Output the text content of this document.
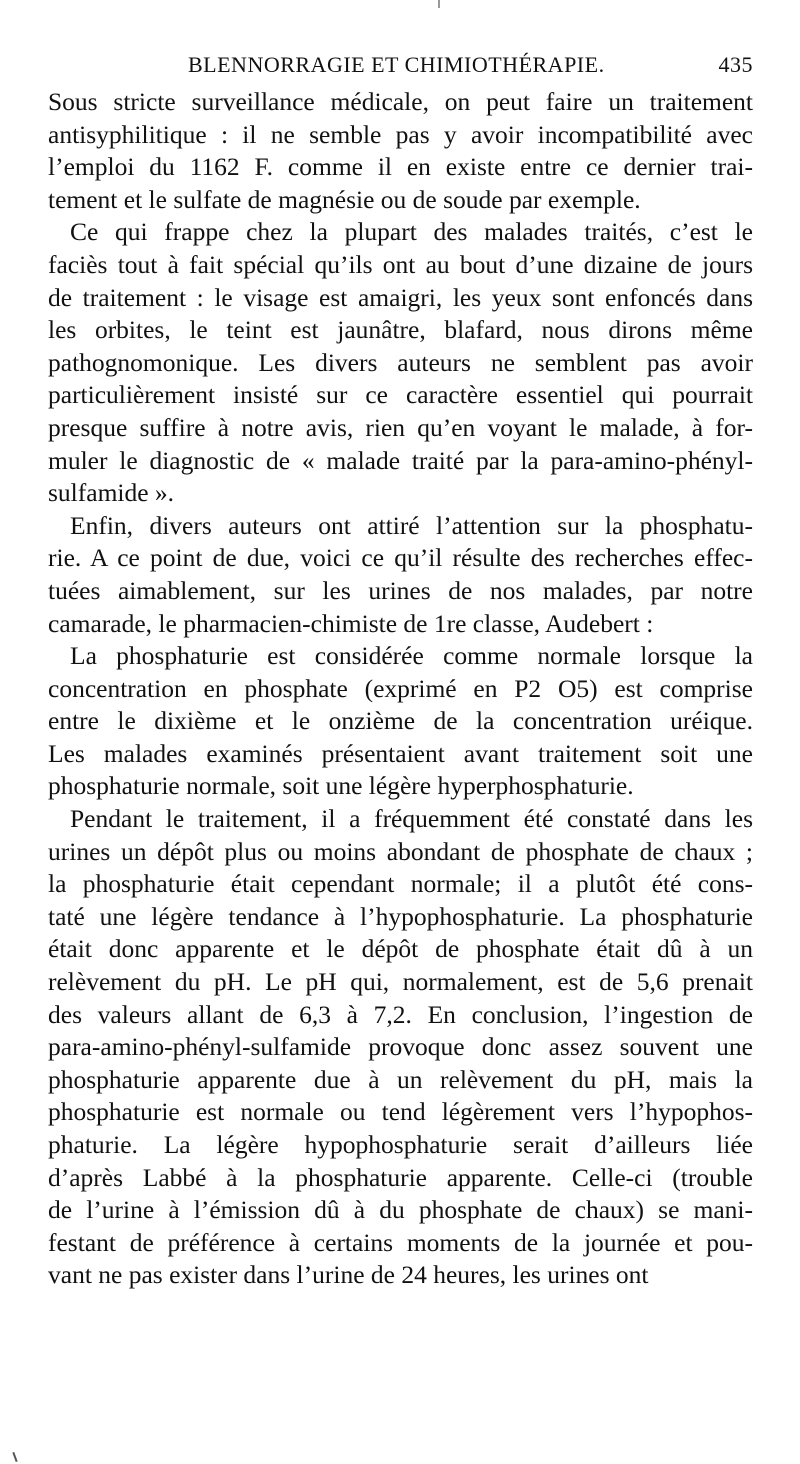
BLENNORRAGIE ET CHIMIOTHÉRAPIE.	435
Sous stricte surveillance médicale, on peut faire un traitement
antisyphilitique : il ne semble pas y avoir incompatibilité avec
l’emploi du 1162 F. comme il en existe entre ce dernier trai-
tement et le sulfate de magnésie ou de soude par exemple.
Ce qui frappe chez la plupart des malades traités, c’est le
faciès tout à fait spécial qu’ils ont au bout d’une dizaine de jours
de traitement : le visage est amaigri, les yeux sont enfoncés dans
les orbites, le teint est jaunâtre, blafard, nous dirons même
pathognomonique. Les divers auteurs ne semblent pas avoir
particulièrement insisté sur ce caractère essentiel qui pourrait
presque suffire à notre avis, rien qu’en voyant le malade, à for-
muler le diagnostic de « malade traité par la para-amino-phényl-
sulfamide ».
Enfin, divers auteurs ont attiré l’attention sur la phosphatu-
rie. A ce point de due, voici ce qu’il résulte des recherches effec-
tuées aimablement, sur les urines de nos malades, par notre
camarade, le pharmacien-chimiste de 1re classe, Audebert :
La phosphaturie est considérée comme normale lorsque la
concentration en phosphate (exprimé en P2 O5) est comprise
entre le dixième et le onzième de la concentration uréique.
Les malades examinés présentaient avant traitement soit une
phosphaturie normale, soit une légère hyperphosphaturie.
Pendant le traitement, il a fréquemment été constaté dans les
urines un dépôt plus ou moins abondant de phosphate de chaux ;
la phosphaturie était cependant normale; il a plutôt été cons-
taté une légère tendance à l’hypophosphaturie. La phosphaturie
était donc apparente et le dépôt de phosphate était dû à un
relèvement du pH. Le pH qui, normalement, est de 5,6 prenait
des valeurs allant de 6,3 à 7,2. En conclusion, l’ingestion de
para-amino-phényl-sulfamide provoque donc assez souvent une
phosphaturie apparente due à un relèvement du pH, mais la
phosphaturie est normale ou tend légèrement vers l’hypophos-
phaturie. La légère hypophosphaturie serait d’ailleurs liée
d’après Labbé à la phosphaturie apparente. Celle-ci (trouble
de l’urine à l’émission dû à du phosphate de chaux) se mani-
festant de préférence à certains moments de la journée et pou-
vant ne pas exister dans l’urine de 24 heures, les urines ont
